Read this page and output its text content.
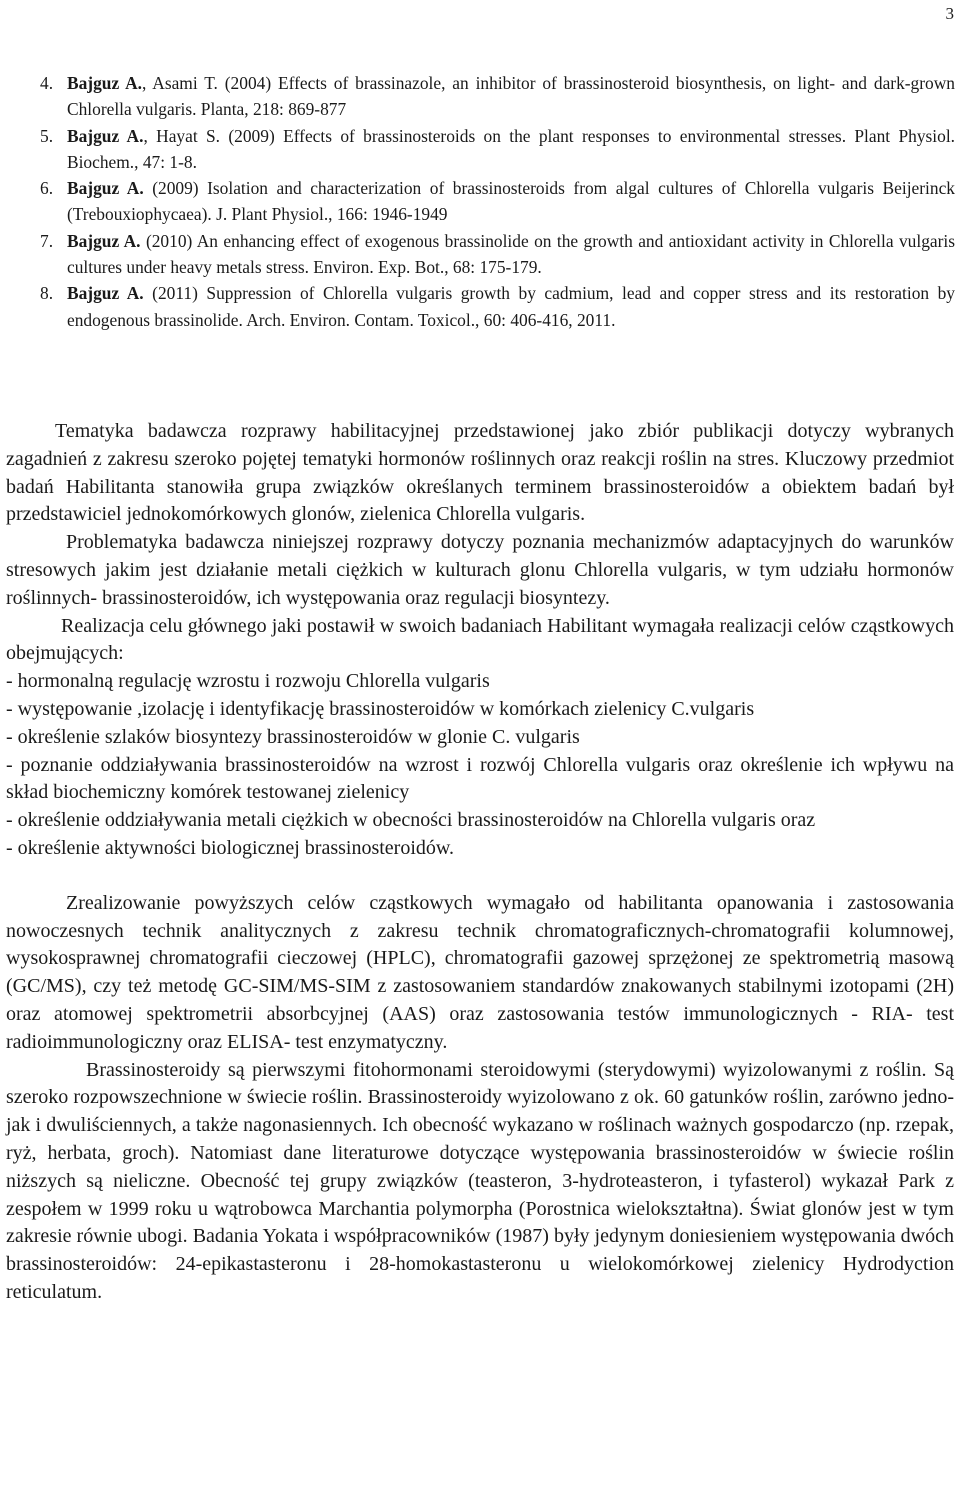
3
4. Bajguz A., Asami T. (2004) Effects of brassinazole, an inhibitor of brassinosteroid biosynthesis, on light- and dark-grown Chlorella vulgaris. Planta, 218: 869-877
5. Bajguz A., Hayat S. (2009) Effects of brassinosteroids on the plant responses to environmental stresses. Plant Physiol. Biochem., 47: 1-8.
6. Bajguz A. (2009) Isolation and characterization of brassinosteroids from algal cultures of Chlorella vulgaris Beijerinck (Trebouxiophycaea). J. Plant Physiol., 166: 1946-1949
7. Bajguz A. (2010) An enhancing effect of exogenous brassinolide on the growth and antioxidant activity in Chlorella vulgaris cultures under heavy metals stress. Environ. Exp. Bot., 68: 175-179.
8. Bajguz A. (2011) Suppression of Chlorella vulgaris growth by cadmium, lead and copper stress and its restoration by endogenous brassinolide. Arch. Environ. Contam. Toxicol., 60: 406-416, 2011.

Tematyka badawcza rozprawy habilitacyjnej przedstawionej jako zbiór publikacji dotyczy wybranych zagadnień z zakresu szeroko pojętej tematyki hormonów roślinnych oraz reakcji roślin na stres. Kluczowy przedmiot badań Habilitanta stanowiła grupa związków określanych terminem brassinosteroidów a obiektem badań był przedstawiciel jednokomórkowych glonów, zielenica Chlorella vulgaris.

Problematyka badawcza niniejszej rozprawy dotyczy poznania mechanizmów adaptacyjnych do warunków stresowych jakim jest działanie metali ciężkich w kulturach glonu Chlorella vulgaris, w tym udziału hormonów roślinnych- brassinosteroidów, ich występowania oraz regulacji biosyntezy.

Realizacja celu głównego jaki postawił w swoich badaniach Habilitant wymagała realizacji celów cząstkowych obejmujących:

- hormonalną regulację wzrostu i rozwoju Chlorella vulgaris
- występowanie ,izolację i identyfikację brassinosteroidów w komórkach zielenicy C.vulgaris
- określenie szlaków biosyntezy brassinosteroidów w glonie C. vulgaris
- poznanie oddziaływania brassinosteroidów na wzrost i rozwój Chlorella vulgaris oraz określenie ich wpływu na skład biochemiczny komórek testowanej zielenicy
- określenie oddziaływania metali ciężkich w obecności brassinosteroidów na Chlorella vulgaris oraz
- określenie aktywności biologicznej brassinosteroidów.

Zrealizowanie powyższych celów cząstkowych wymagało od habilitanta opanowania i zastosowania nowoczesnych technik analitycznych z zakresu technik chromatograficznych-chromatografii kolumnowej, wysokosprawnej chromatografii cieczowej (HPLC), chromatografii gazowej sprzężonej ze spektrometrią masową (GC/MS), czy też metodę GC-SIM/MS-SIM z zastosowaniem standardów znakowanych stabilnymi izotopami (2H) oraz atomowej spektrometrii absorbcyjnej (AAS) oraz zastosowania testów immunologicznych - RIA- test radioimmunologiczny oraz ELISA- test enzymatyczny.

Brassinosteroidy są pierwszymi fitohormonami steroidowymi (sterydowymi) wyizolowanymi z roślin. Są szeroko rozpowszechnione w świecie roślin. Brassinosteroidy wyizolowano z ok. 60 gatunków roślin, zarówno jedno- jak i dwuliściennych, a także nagonasiennych. Ich obecność wykazano w roślinach ważnych gospodarczo (np. rzepak, ryż, herbata, groch). Natomiast dane literaturowe dotyczące występowania brassinosteroidów w świecie roślin niższych są nieliczne. Obecność tej grupy związków (teasteron, 3-hydroteasteron, i tyfasterol) wykazał Park z zespołem w 1999 roku u wątrobowca Marchantia polymorpha (Porostnica wielokształtna). Świat glonów jest w tym zakresie równie ubogi. Badania Yokata i współpracowników (1987) były jedynym doniesieniem występowania dwóch brassinosteroidów: 24-epikastasteronu i 28-homokastasteronu u wielokomórkowej zielenicy Hydrodyction reticulatum.
